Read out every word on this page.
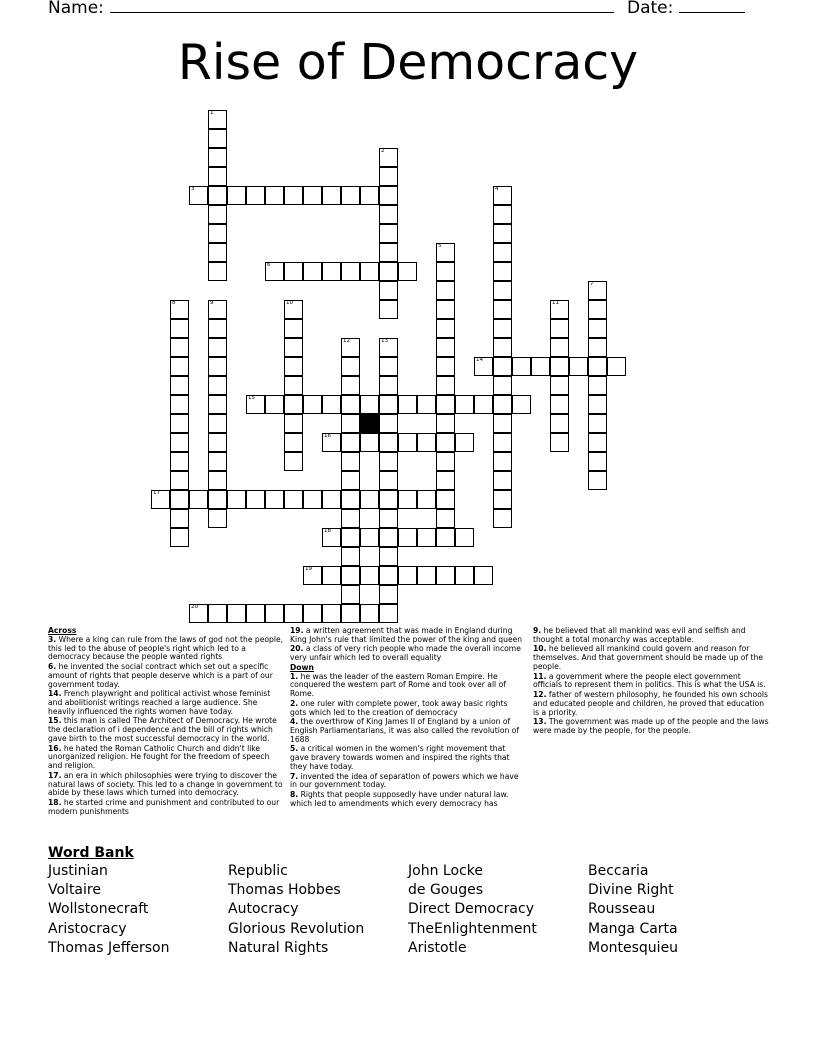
Name:	Date:
Rise of Democracy
1
2
3	4
5
6
7
8	9	10	11
12	13
14
15
16
17
18
19
20
Across
3. Where a king can rule from the laws of god not the people, this led to the abuse of people's right which led to a democracy because the people wanted rights
6. he invented the social contract which set out a specific amount of rights that people deserve which is a part of our government today.
14. French playwright and political activist whose feminist and abolitionist writings reached a large audience. She heavily influenced the rights women have today.
15. this man is called The Architect of Democracy. He wrote the declaration of i dependence and the bill of rights which gave birth to the most successful democracy in the world.
16. he hated the Roman Catholic Church and didn't like unorganized religion. He fought for the freedom of speech and religion.
17. an era in which philosophies were trying to discover the natural laws of society. This led to a change in government to abide by these laws which turned into democracy.
18. he started crime and punishment and contributed to our modern punishments
19. a written agreement that was made in England during King John's rule that limited the power of the king and queen
20. a class of very rich people who made the overall income very unfair which led to overall equality
Down
1. he was the leader of the eastern Roman Empire. He conquered the western part of Rome and took over all of Rome.
2. one ruler with complete power, took away basic rights gots which led to the creation of democracy
4. the overthrow of King James II of England by a union of English Parliamentarians, it was also called the revolution of 1688
5. a critical women in the women's right movement that gave bravery towards women and inspired the rights that they have today.
7. invented the idea of separation of powers which we have in our government today.
8. Rights that people supposedly have under natural law. which led to amendments which every democracy has
9. he believed that all mankind was evil and selfish and thought a total monarchy was acceptable.
10. he believed all mankind could govern and reason for themselves. And that government should be made up of the people.
11. a government where the people elect government officials to represent them in politics. This is what the USA is.
12. father of western philosophy, he founded his own schools and educated people and children, he proved that education is a priority.
13. The government was made up of the people and the laws were made by the people, for the people.
Word Bank
Justinian
Voltaire
Wollstonecraft
Aristocracy
Thomas Jefferson
Republic
Thomas Hobbes
Autocracy
Glorious Revolution
Natural Rights
John Locke
de Gouges
Direct Democracy
TheEnlightenment
Aristotle
Beccaria
Divine Right
Rousseau
Manga Carta
Montesquieu
